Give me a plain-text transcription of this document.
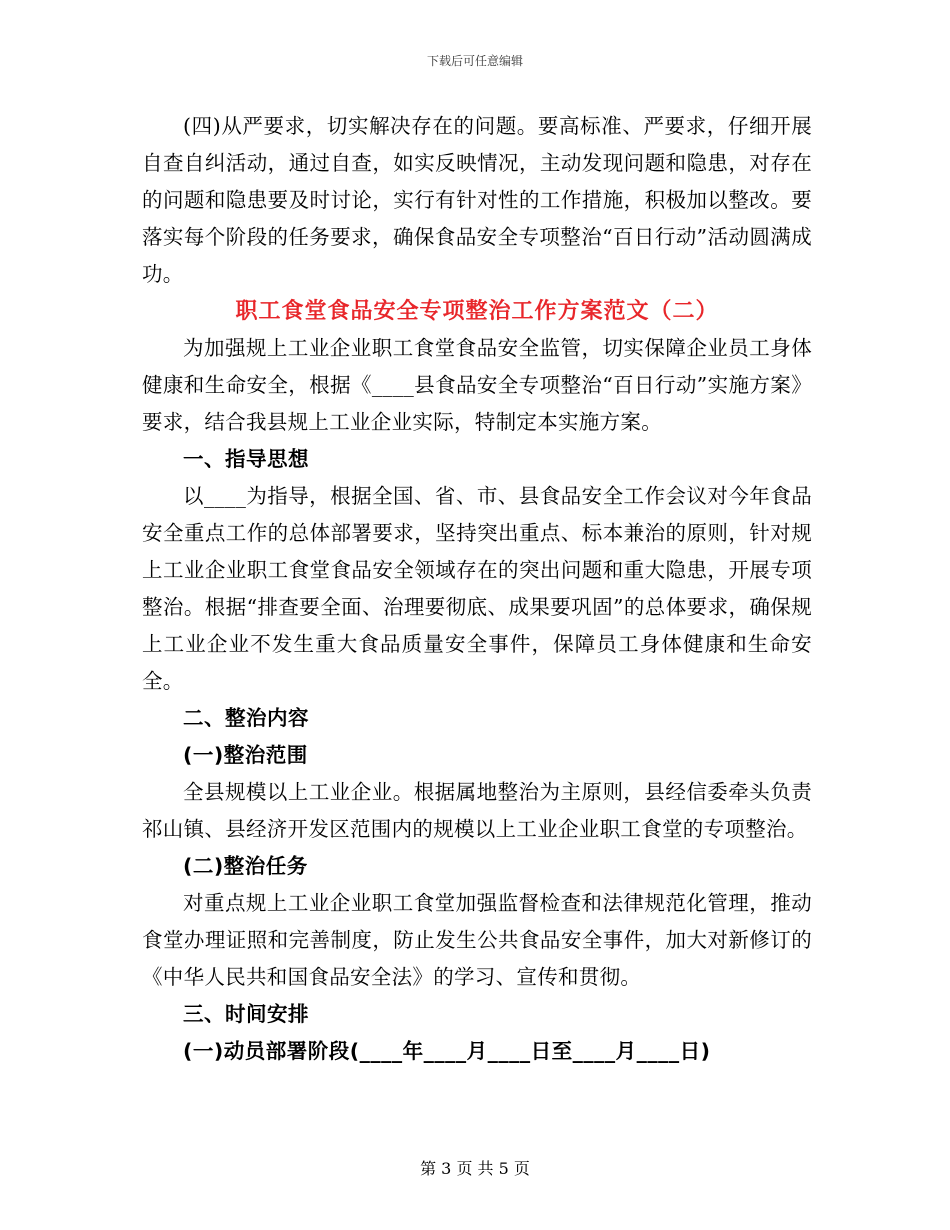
下载后可任意编辑

(四)从严要求，切实解决存在的问题。要高标准、严要求，仔细开展自查自纠活动，通过自查，如实反映情况，主动发现问题和隐患，对存在的问题和隐患要及时讨论，实行有针对性的工作措施，积极加以整改。要落实每个阶段的任务要求，确保食品安全专项整治“百日行动”活动圆满成功。

职工食堂食品安全专项整治工作方案范文（二）

为加强规上工业企业职工食堂食品安全监管，切实保障企业员工身体健康和生命安全，根据《____县食品安全专项整治“百日行动”实施方案》要求，结合我县规上工业企业实际，特制定本实施方案。

一、指导思想

以____为指导，根据全国、省、市、县食品安全工作会议对今年食品安全重点工作的总体部署要求，坚持突出重点、标本兼治的原则，针对规上工业企业职工食堂食品安全领域存在的突出问题和重大隐患，开展专项整治。根据“排查要全面、治理要彻底、成果要巩固”的总体要求，确保规上工业企业不发生重大食品质量安全事件，保障员工身体健康和生命安全。

二、整治内容

(一)整治范围

全县规模以上工业企业。根据属地整治为主原则，县经信委牵头负责祁山镇、县经济开发区范围内的规模以上工业企业职工食堂的专项整治。

(二)整治任务

对重点规上工业企业职工食堂加强监督检查和法律规范化管理，推动食堂办理证照和完善制度，防止发生公共食品安全事件，加大对新修订的《中华人民共和国食品安全法》的学习、宣传和贯彻。

三、时间安排

(一)动员部署阶段(____年____月____日至____月____日)

第 3 页 共 5 页
